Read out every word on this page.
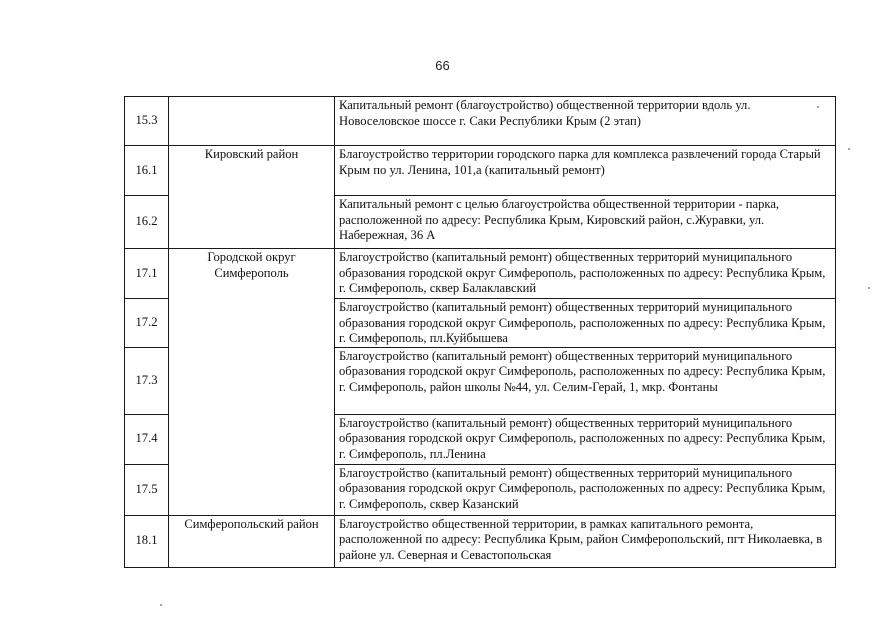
66
15.3		Капитальный ремонт (благоустройство) общественной территории вдоль ул. Новоселовское шоссе г. Саки Республики Крым (2 этап)
16.1	Кировский район	Благоустройство территории городского парка для комплекса развлечений города Старый Крым по ул. Ленина, 101,а (капитальный ремонт)
16.2		Капитальный ремонт с целью благоустройства общественной территории - парка, расположенной по адресу: Республика Крым, Кировский район, с.Журавки, ул. Набережная, 36 А
17.1	Городской округ Симферополь	Благоустройство (капитальный ремонт) общественных территорий муниципального образования городской округ Симферополь, расположенных по адресу: Республика Крым, г. Симферополь, сквер Балаклавский
17.2		Благоустройство (капитальный ремонт) общественных территорий муниципального образования городской округ Симферополь, расположенных по адресу: Республика Крым, г. Симферополь, пл.Куйбышева
17.3		Благоустройство (капитальный ремонт) общественных территорий муниципального образования городской округ Симферополь, расположенных по адресу: Республика Крым, г. Симферополь, район школы №44, ул. Селим-Герай, 1, мкр. Фонтаны
17.4		Благоустройство (капитальный ремонт) общественных территорий муниципального образования городской округ Симферополь, расположенных по адресу: Республика Крым, г. Симферополь, пл.Ленина
17.5		Благоустройство (капитальный ремонт) общественных территорий муниципального образования городской округ Симферополь, расположенных по адресу: Республика Крым, г. Симферополь, сквер Казанский
18.1	Симферопольский район	Благоустройство общественной территории, в рамках капитального ремонта, расположенной по адресу: Республика Крым, район Симферопольский, пгт Николаевка, в районе ул. Северная и Севастопольская
